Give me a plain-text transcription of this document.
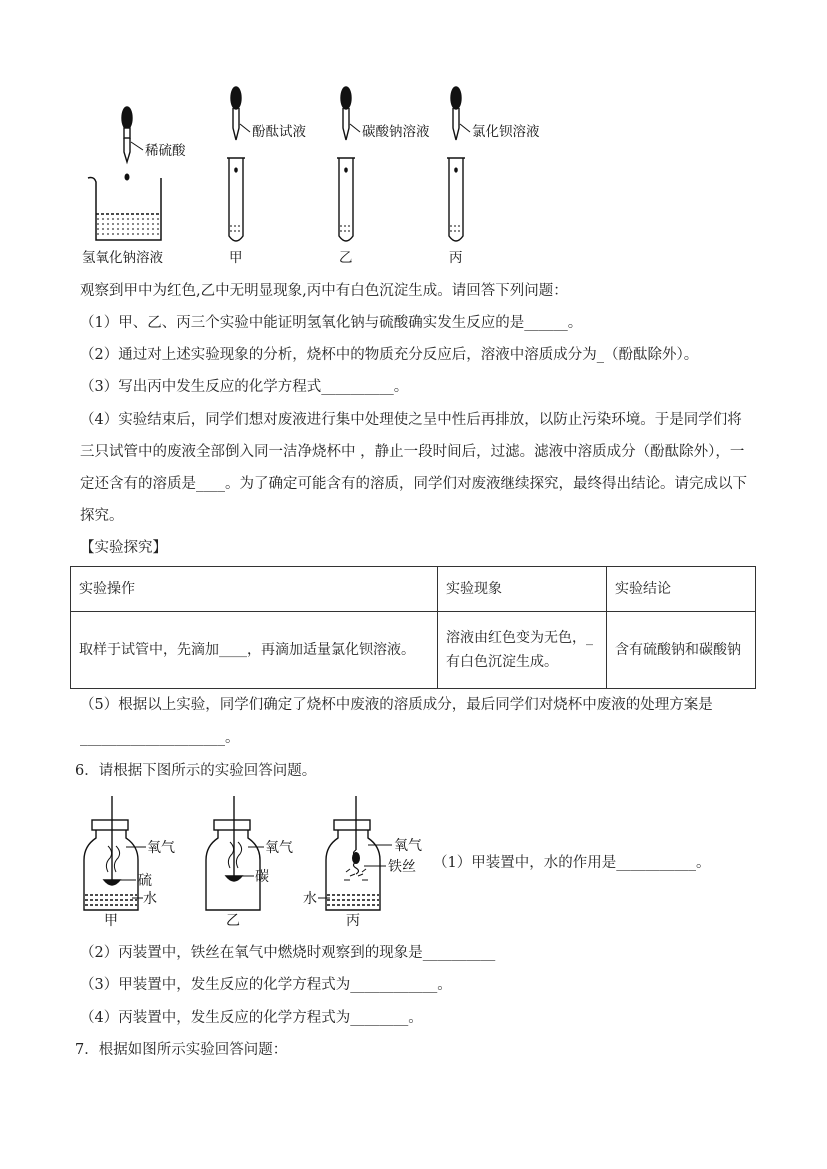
稀硫酸
氢氧化钠溶液
酚酞试液	碳酸钠溶液	氯化钡溶液
甲	乙	丙
观察到甲中为红色,乙中无明显现象,丙中有白色沉淀生成。请回答下列问题：
（1）甲、乙、丙三个实验中能证明氢氧化钠与硫酸确实发生反应的是______。
（2）通过对上述实验现象的分析，烧杯中的物质充分反应后，溶液中溶质成分为_（酚酞除外）。
（3）写出丙中发生反应的化学方程式__________。
（4）实验结束后，同学们想对废液进行集中处理使之呈中性后再排放，以防止污染环境。于是同学们将
三只试管中的废液全部倒入同一洁净烧杯中 ，静止一段时间后，过滤。滤液中溶质成分（酚酞除外），一
定还含有的溶质是____。为了确定可能含有的溶质，同学们对废液继续探究，最终得出结论。请完成以下
探究。
【实验探究】
实验操作	实验现象	实验结论
取样于试管中，先滴加____，再滴加适量氯化钡溶液。	溶液由红色变为无色，_有白色沉淀生成。	含有硫酸钠和碳酸钠
（5）根据以上实验，同学们确定了烧杯中废液的溶质成分，最后同学们对烧杯中废液的处理方案是
____________________。
6．请根据下图所示的实验回答问题。
氧气
硫
水
甲
氧气
碳
乙
氧气
铁丝
水
丙
（1）甲装置中，水的作用是___________。
（2）丙装置中，铁丝在氧气中燃烧时观察到的现象是__________
（3）甲装置中，发生反应的化学方程式为____________。
（4）丙装置中，发生反应的化学方程式为________。
7．根据如图所示实验回答问题：
